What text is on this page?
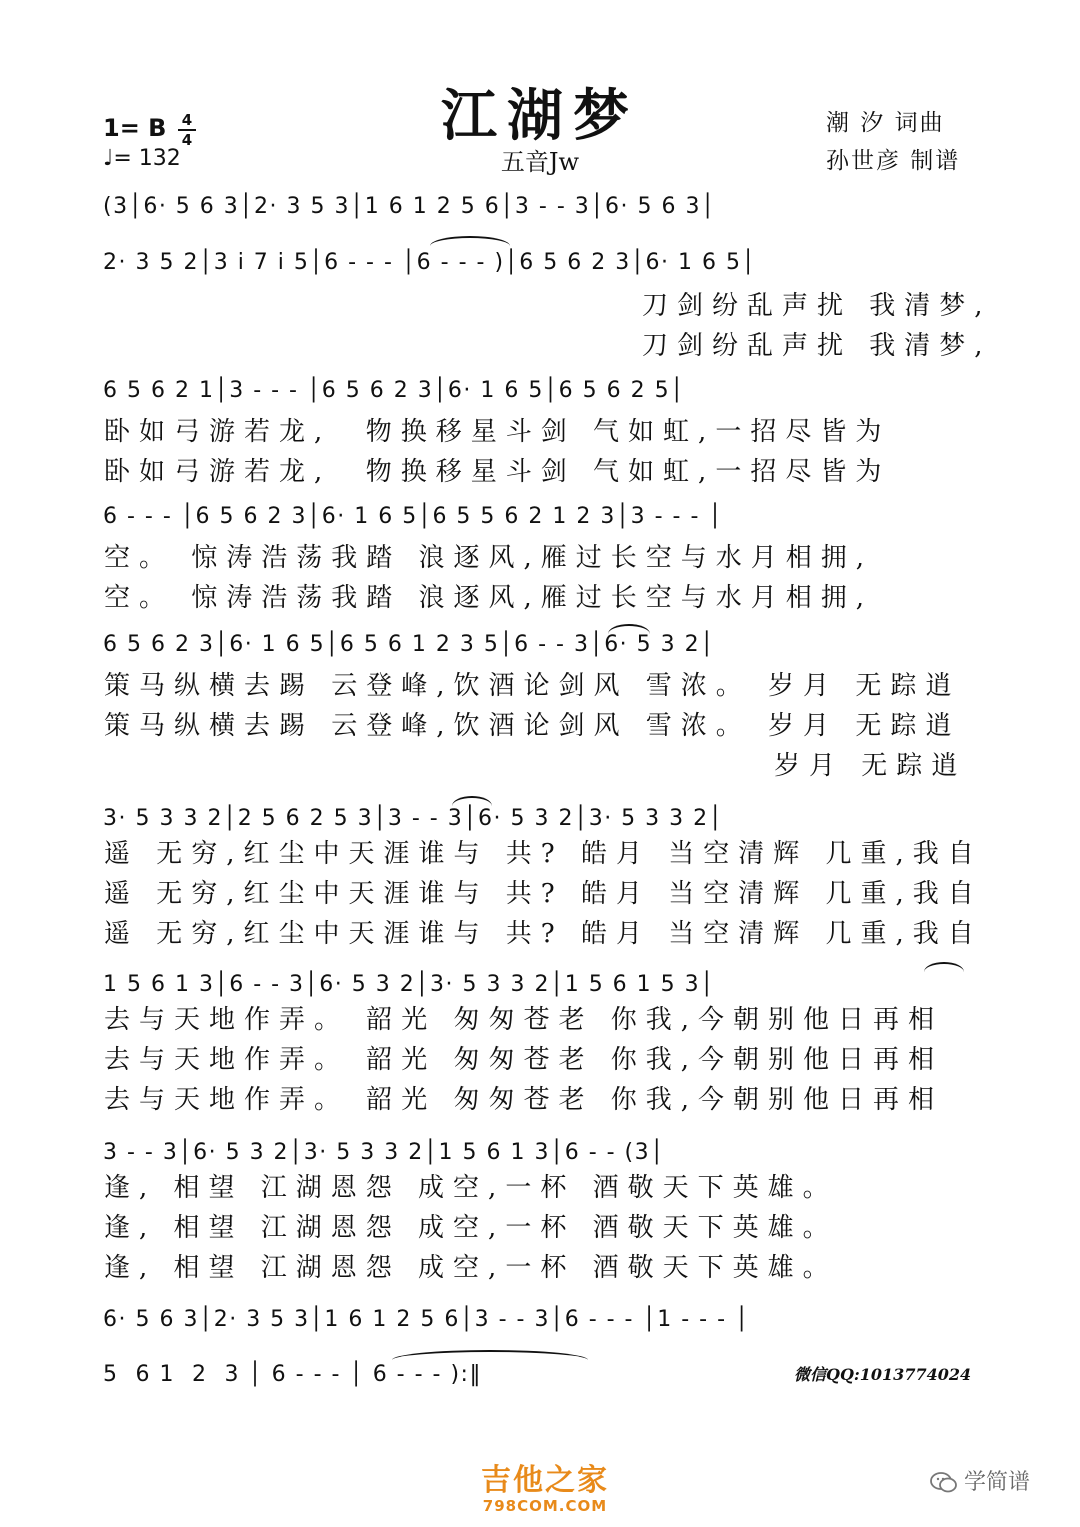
江湖梦
五音Jw
1= B 4
4
♩= 132
潮 汐 词曲
孙世彦 制谱
(3│6· 5 6 3│2· 3 5 3│1 6 1 2 5 6│3 - - 3│6· 5 6 3│
2· 3 5 2│3 i 7 i 5│6 - - - │6 - - - )│6 5 6 2 3│6· 1 6 5│
刀剑纷乱声扰 我清梦,
刀剑纷乱声扰 我清梦,
6 5 6 2 1│3 - - - │6 5 6 2 3│6· 1 6 5│6 5 6 2 5│
卧如弓游若龙,  物换移星斗剑 气如虹,一招尽皆为
卧如弓游若龙,  物换移星斗剑 气如虹,一招尽皆为
6 - - - │6 5 6 2 3│6· 1 6 5│6 5 5 6 2 1 2 3│3 - - - │
空。 惊涛浩荡我踏 浪逐风,雁过长空与水月相拥,
空。 惊涛浩荡我踏 浪逐风,雁过长空与水月相拥,
6 5 6 2 3│6· 1 6 5│6 5 6 1 2 3 5│6 - - 3│6· 5 3 2│
策马纵横去踢 云登峰,饮酒论剑风 雪浓。 岁月 无踪逍
策马纵横去踢 云登峰,饮酒论剑风 雪浓。 岁月 无踪逍
岁月 无踪逍
3· 5 3 3 2│2 5 6 2 5 3│3 - - 3│6· 5 3 2│3· 5 3 3 2│
遥 无穷,红尘中天涯谁与 共? 皓月 当空清辉 几重,我自
遥 无穷,红尘中天涯谁与 共? 皓月 当空清辉 几重,我自
遥 无穷,红尘中天涯谁与 共? 皓月 当空清辉 几重,我自
1 5 6 1 3│6 - - 3│6· 5 3 2│3· 5 3 3 2│1 5 6 1 5 3│
去与天地作弄。 韶光 匆匆苍老 你我,今朝别他日再相
去与天地作弄。 韶光 匆匆苍老 你我,今朝别他日再相
去与天地作弄。 韶光 匆匆苍老 你我,今朝别他日再相
3 - - 3│6· 5 3 2│3· 5 3 3 2│1 5 6 1 3│6 - - (3│
逢, 相望 江湖恩怨 成空,一杯 酒敬天下英雄。
逢, 相望 江湖恩怨 成空,一杯 酒敬天下英雄。
逢, 相望 江湖恩怨 成空,一杯 酒敬天下英雄。
6· 5 6 3│2· 3 5 3│1 6 1 2 5 6│3 - - 3│6 - - - │1 - - - │
5  6 1  2  3 │ 6 - - - │ 6 - - - ):‖	微信QQ:1013774024
吉他之家
798COM.COM
学简谱
